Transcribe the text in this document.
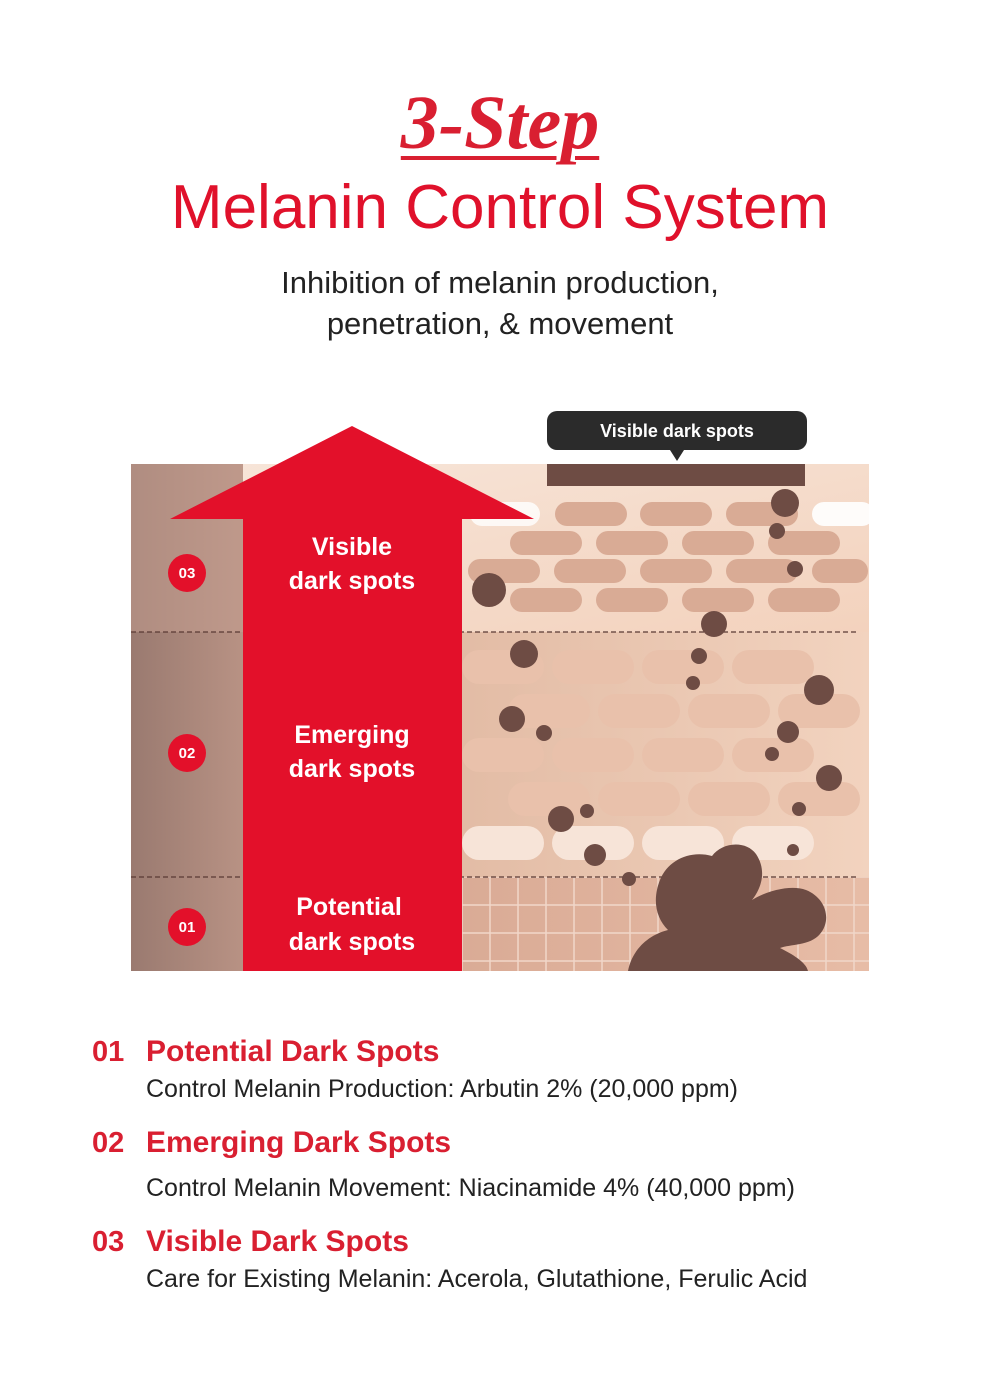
3-Step
Melanin Control System
Inhibition of melanin production,
penetration, & movement
Visible dark spots
Visible
dark spots
Emerging
dark spots
Potential
dark spots
03
02
01
01 Potential Dark Spots
Control Melanin Production: Arbutin 2% (20,000 ppm)
02 Emerging Dark Spots
Control Melanin Movement: Niacinamide 4% (40,000 ppm)
03 Visible Dark Spots
Care for Existing Melanin: Acerola, Glutathione, Ferulic Acid
